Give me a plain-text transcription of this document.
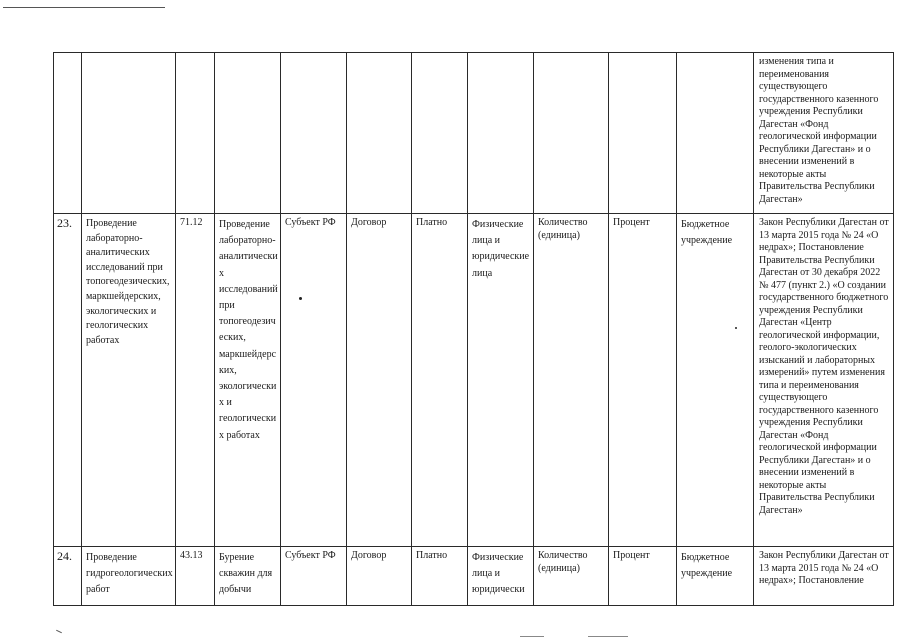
											изменения типа и переименования существующего государственного казенного учреждения Республики Дагестан «Фонд геологической информации Республики Дагестан» и о внесении изменений в некоторые акты Правительства Республики Дагестан»
23.	Проведение лабораторно-аналитических исследований при топогеодезических, маркшейдерских, экологических и геологических работах	71.12	Проведение лабораторно-аналитических исследований при топогеодезических, маркшейдерских, экологических и геологических работах	Субъект РФ	Договор	Платно	Физические лица и юридические лица	Количество (единица)	Процент	Бюджетное учреждение	Закон Республики Дагестан от 13 марта 2015 года № 24 «О недрах»; Постановление Правительства Республики Дагестан от 30 декабря 2022 № 477 (пункт 2.) «О создании государственного бюджетного учреждения Республики Дагестан «Центр геологической информации, геолого-экологических изысканий и лабораторных измерений» путем изменения типа и переименования существующего государственного казенного учреждения Республики Дагестан «Фонд геологической информации Республики Дагестан» и о внесении изменений в некоторые акты Правительства Республики Дагестан»
24.	Проведение гидрогеологических работ	43.13	Бурение скважин для добычи	Субъект РФ	Договор	Платно	Физические лица и юридически	Количество (единица)	Процент	Бюджетное учреждение	Закон Республики Дагестан от 13 марта 2015 года № 24 «О недрах»; Постановление
